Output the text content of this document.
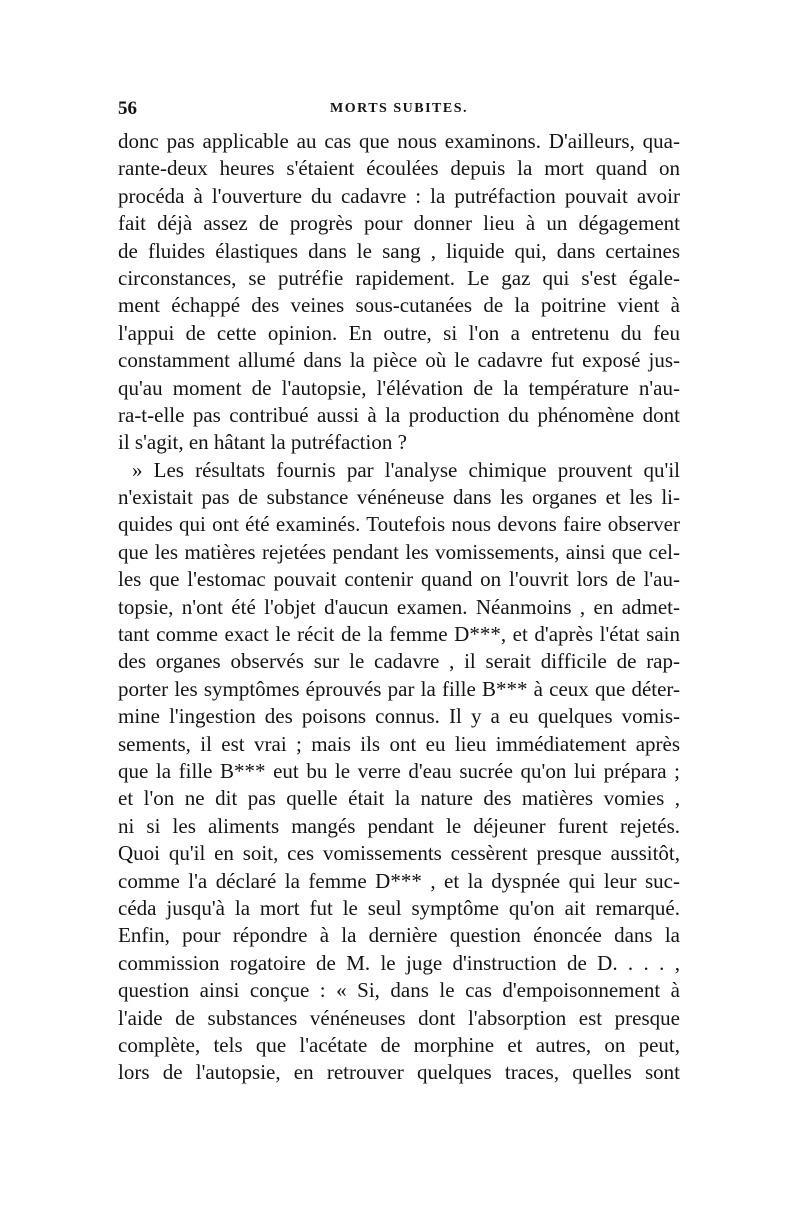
56	MORTS SUBITES.
donc pas applicable au cas que nous examinons. D'ailleurs, qua-
rante-deux heures s'étaient écoulées depuis la mort quand on
procéda à l'ouverture du cadavre : la putréfaction pouvait avoir
fait déjà assez de progrès pour donner lieu à un dégagement
de fluides élastiques dans le sang , liquide qui, dans certaines
circonstances, se putréfie rapidement. Le gaz qui s'est égale-
ment échappé des veines sous-cutanées de la poitrine vient à
l'appui de cette opinion. En outre, si l'on a entretenu du feu
constamment allumé dans la pièce où le cadavre fut exposé jus-
qu'au moment de l'autopsie, l'élévation de la température n'au-
ra-t-elle pas contribué aussi à la production du phénomène dont
il s'agit, en hâtant la putréfaction ?
» Les résultats fournis par l'analyse chimique prouvent qu'il
n'existait pas de substance vénéneuse dans les organes et les li-
quides qui ont été examinés. Toutefois nous devons faire observer
que les matières rejetées pendant les vomissements, ainsi que cel-
les que l'estomac pouvait contenir quand on l'ouvrit lors de l'au-
topsie, n'ont été l'objet d'aucun examen. Néanmoins , en admet-
tant comme exact le récit de la femme D***, et d'après l'état sain
des organes observés sur le cadavre , il serait difficile de rap-
porter les symptômes éprouvés par la fille B*** à ceux que déter-
mine l'ingestion des poisons connus. Il y a eu quelques vomis-
sements, il est vrai ; mais ils ont eu lieu immédiatement après
que la fille B*** eut bu le verre d'eau sucrée qu'on lui prépara ;
et l'on ne dit pas quelle était la nature des matières vomies ,
ni si les aliments mangés pendant le déjeuner furent rejetés.
Quoi qu'il en soit, ces vomissements cessèrent presque aussitôt,
comme l'a déclaré la femme D*** , et la dyspnée qui leur suc-
céda jusqu'à la mort fut le seul symptôme qu'on ait remarqué.
Enfin, pour répondre à la dernière question énoncée dans la
commission rogatoire de M. le juge d'instruction de D. . . . ,
question ainsi conçue : « Si, dans le cas d'empoisonnement à
l'aide de substances vénéneuses dont l'absorption est presque
complète, tels que l'acétate de morphine et autres, on peut,
lors de l'autopsie, en retrouver quelques traces, quelles sont
